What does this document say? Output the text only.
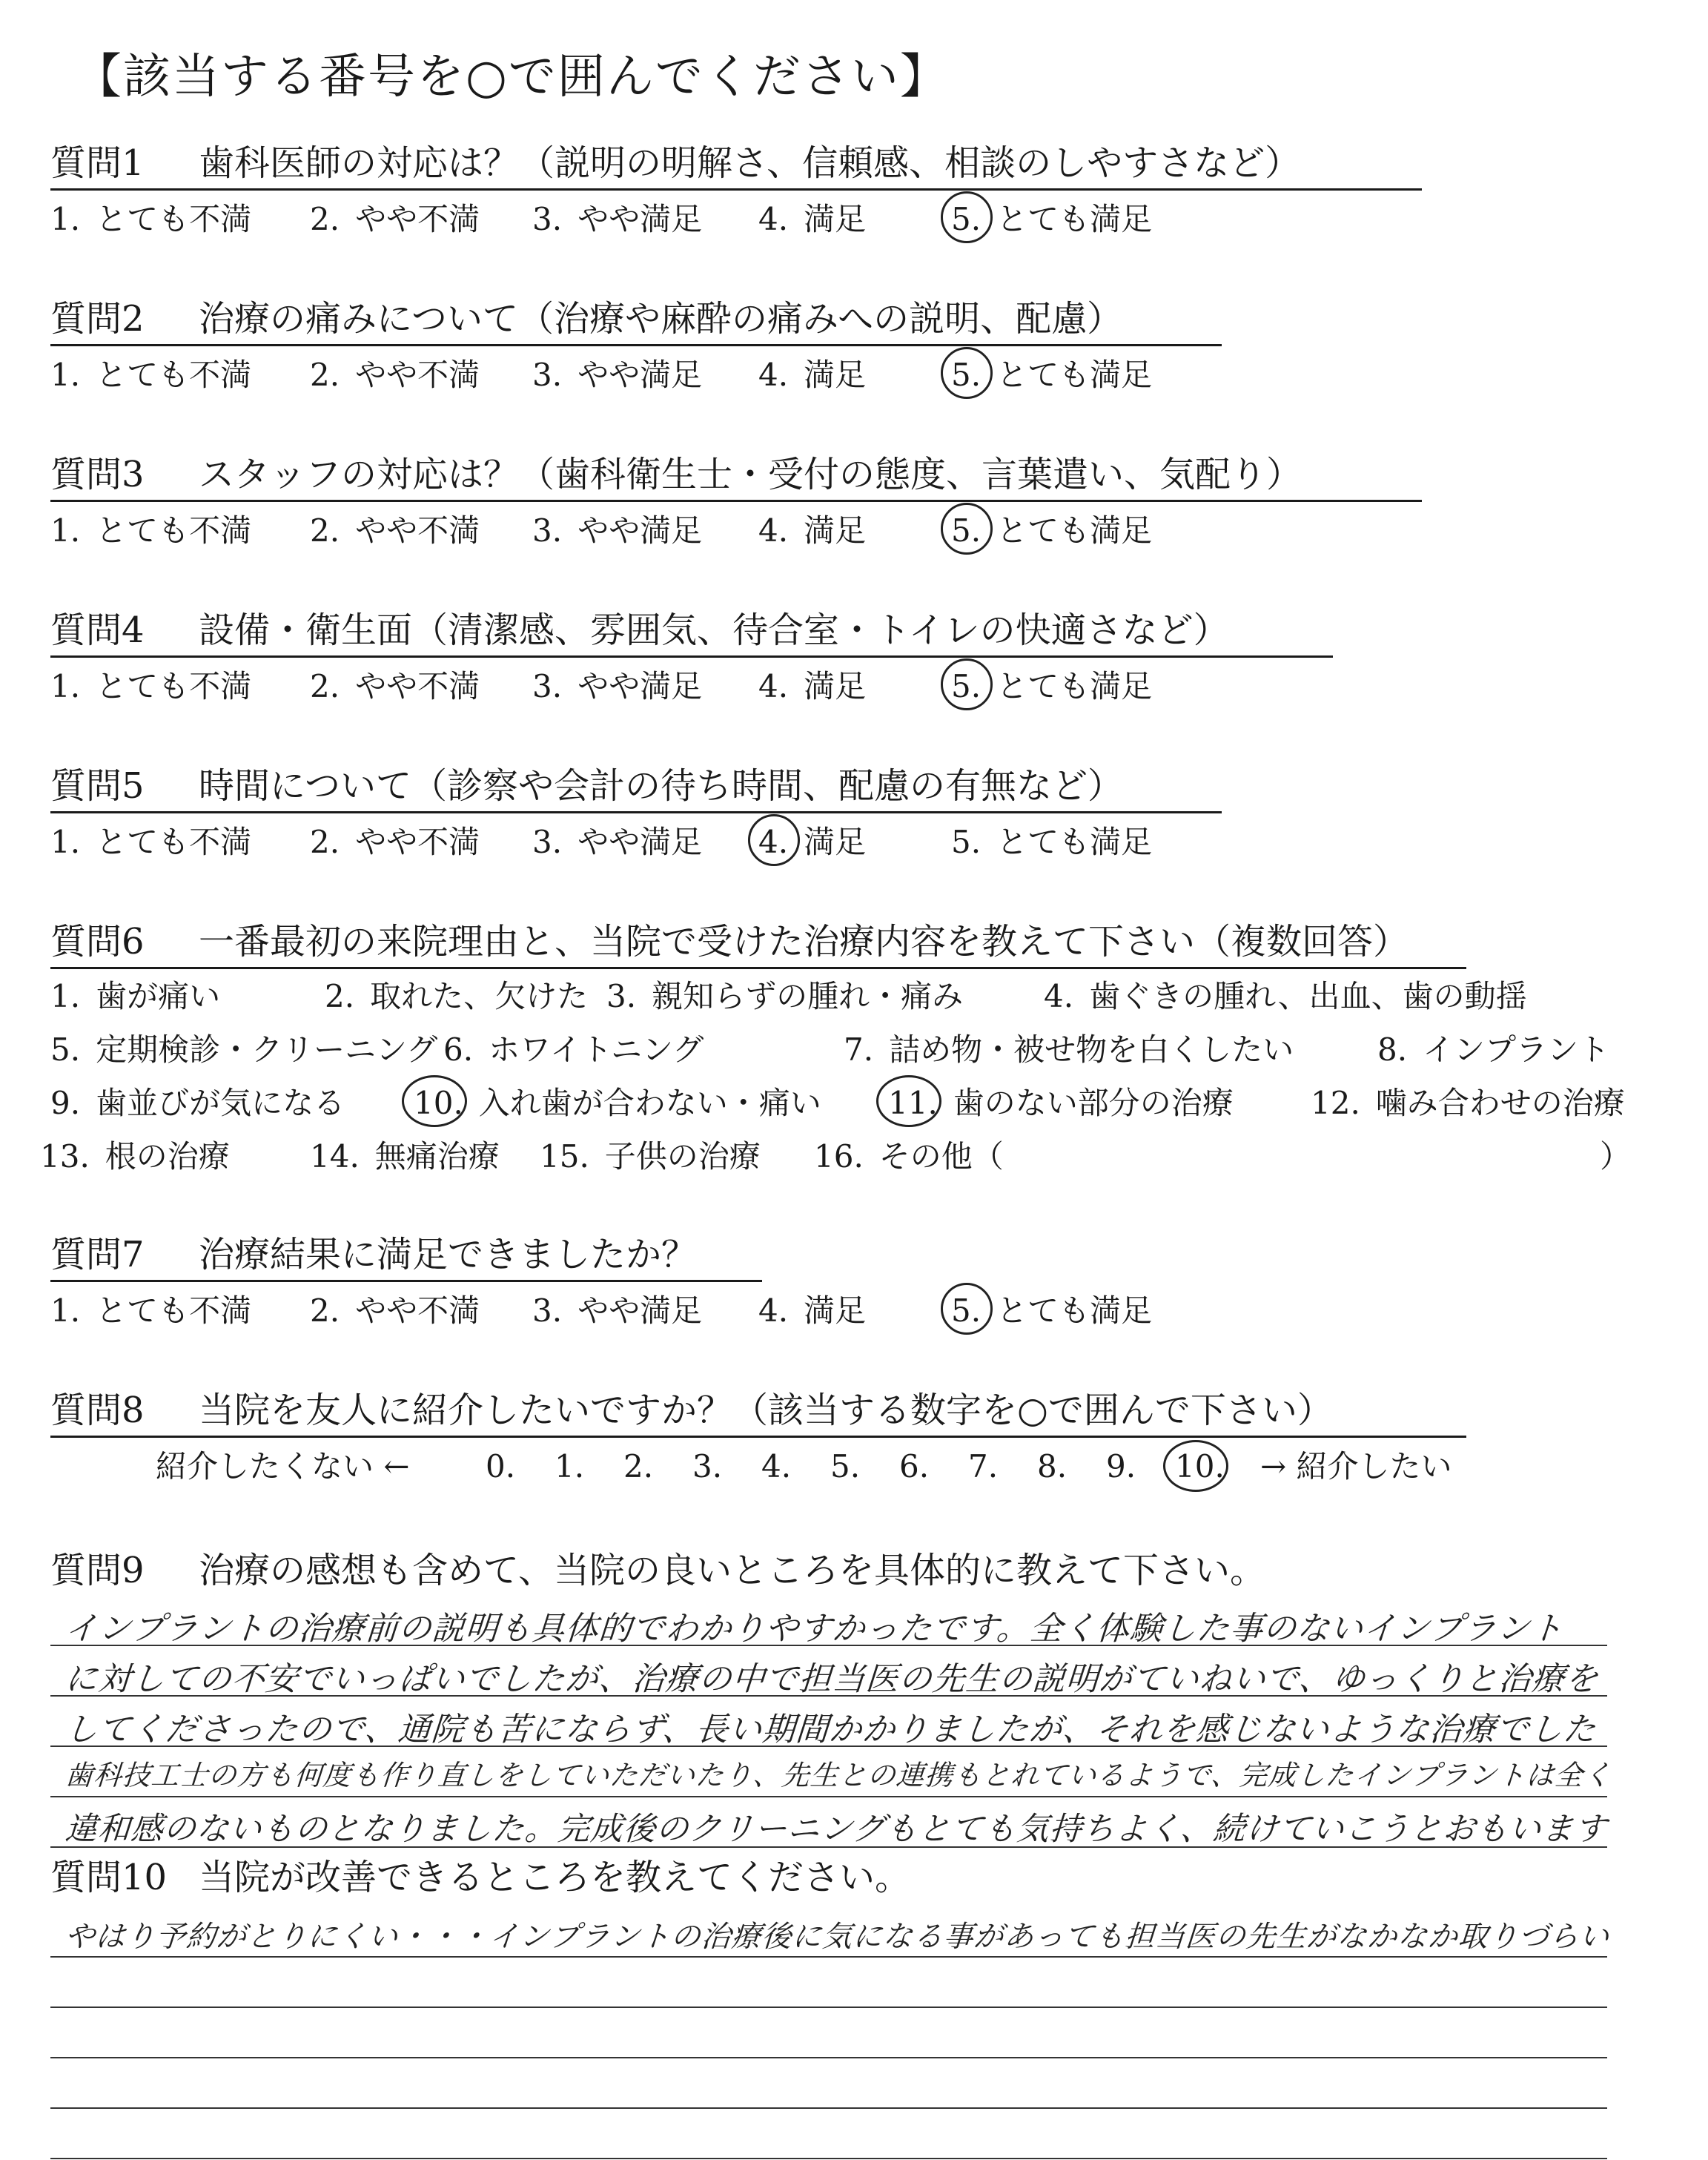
【該当する番号を○で囲んでください】
質問1 歯科医師の対応は？（説明の明解さ、信頼感、相談のしやすさなど）
1. とても不満 2. やや不満 3. やや満足 4. 満足	5.
 とても満足
質問2 治療の痛みについて（治療や麻酔の痛みへの説明、配慮）
1. とても不満 2. やや不満 3. やや満足 4. 満足	5.
 とても満足
質問3 スタッフの対応は？（歯科衛生士・受付の態度、言葉遣い、気配り）
1. とても不満 2. やや不満 3. やや満足 4. 満足	5.
 とても満足
質問4 設備・衛生面（清潔感、雰囲気、待合室・トイレの快適さなど）
1. とても不満 2. やや不満 3. やや満足 4. 満足	5.
 とても満足
質問5 時間について（診察や会計の待ち時間、配慮の有無など）
1. とても不満 2. やや不満 3. やや満足 4.
 満足	5. とても満足
質問6 一番最初の来院理由と、当院で受けた治療内容を教えて下さい（複数回答）
1. 歯が痛い	2. 取れた、欠けた 3. 親知らずの腫れ・痛み	4. 歯ぐきの腫れ、出血、歯の動揺
5. 定期検診・クリーニング 6. ホワイトニング	7. 詰め物・被せ物を白くしたい	8. インプラント
9. 歯並びが気になる 10.
 入れ歯が合わない・痛い 11.
 歯のない部分の治療 12. 噛み合わせの治療
13. 根の治療	14. 無痛治療 15. 子供の治療 16. その他（	）
質問7 治療結果に満足できましたか？
1. とても不満 2. やや不満 3. やや満足 4. 満足	5.
 とても満足
質問8 当院を友人に紹介したいですか？（該当する数字を○で囲んで下さい）
紹介したくない ← 0. 1. 2. 3. 4. 5. 6. 7. 8. 9. 10. → 紹介したい
質問9 治療の感想も含めて、当院の良いところを具体的に教えて下さい。
インプラントの治療前の説明も具体的でわかりやすかったです。全く体験した事のないインプラント
に対しての不安でいっぱいでしたが、治療の中で担当医の先生の説明がていねいで、ゆっくりと治療を
してくださったので、通院も苦にならず、長い期間かかりましたが、それを感じないような治療でした
歯科技工士の方も何度も作り直しをしていただいたり、先生との連携もとれているようで、完成したインプラントは全く
違和感のないものとなりました。完成後のクリーニングもとても気持ちよく、続けていこうとおもいます
質問10 当院が改善できるところを教えてください。
やはり予約がとりにくい・・・インプラントの治療後に気になる事があっても担当医の先生がなかなか取りづらい
